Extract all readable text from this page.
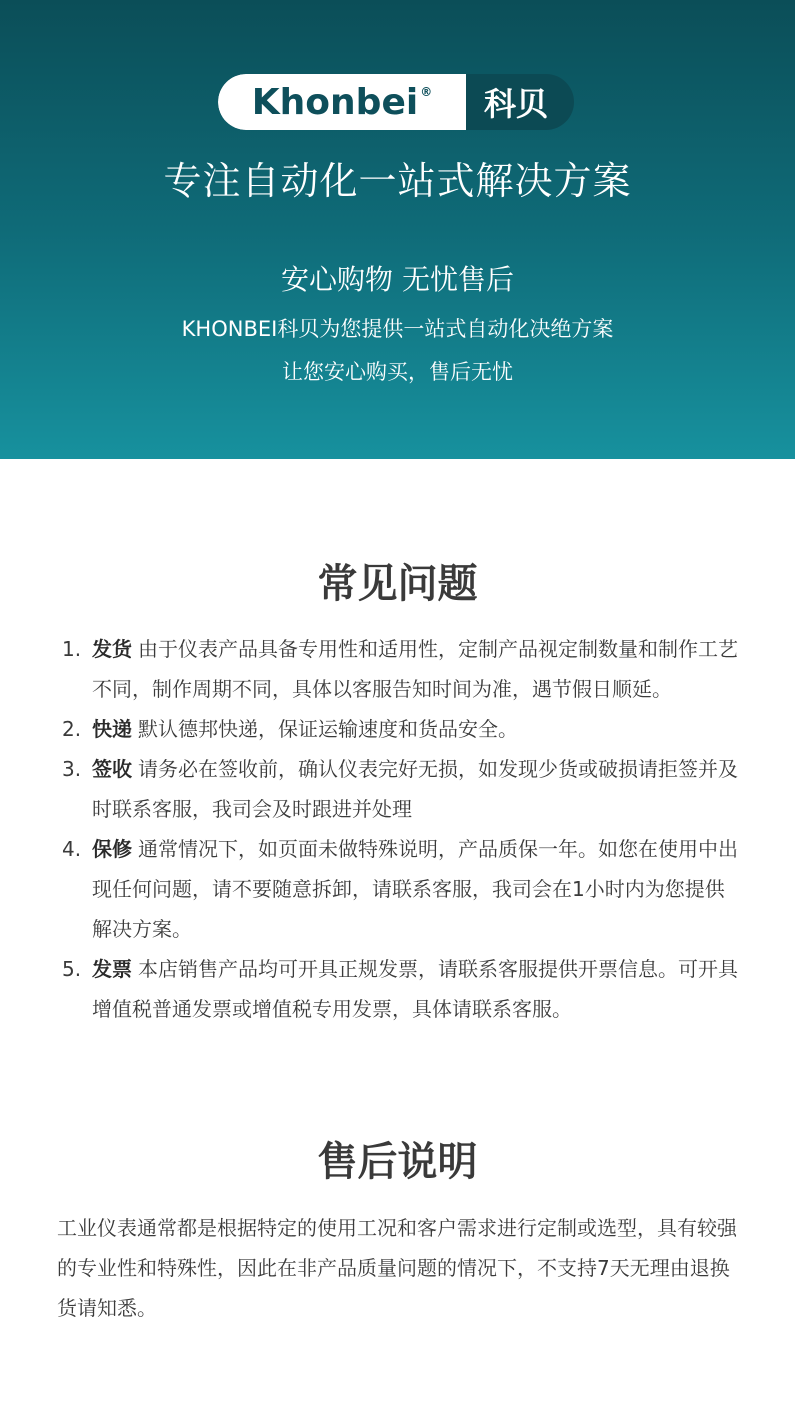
Khonbei®	科贝
专注自动化一站式解决方案
安心购物 无忧售后
KHONBEI科贝为您提供一站式自动化决绝方案
让您安心购买，售后无忧
常见问题
1. 发货 由于仪表产品具备专用性和适用性，定制产品视定制数量和制作工艺不同，制作周期不同，具体以客服告知时间为准，遇节假日顺延。
2. 快递 默认德邦快递，保证运输速度和货品安全。
3. 签收 请务必在签收前，确认仪表完好无损，如发现少货或破损请拒签并及时联系客服，我司会及时跟进并处理
4. 保修 通常情况下，如页面未做特殊说明，产品质保一年。如您在使用中出现任何问题，请不要随意拆卸，请联系客服，我司会在1小时内为您提供解决方案。
5. 发票 本店销售产品均可开具正规发票，请联系客服提供开票信息。可开具增值税普通发票或增值税专用发票，具体请联系客服。
售后说明
工业仪表通常都是根据特定的使用工况和客户需求进行定制或选型，具有较强的专业性和特殊性，因此在非产品质量问题的情况下，不支持7天无理由退换货请知悉。
